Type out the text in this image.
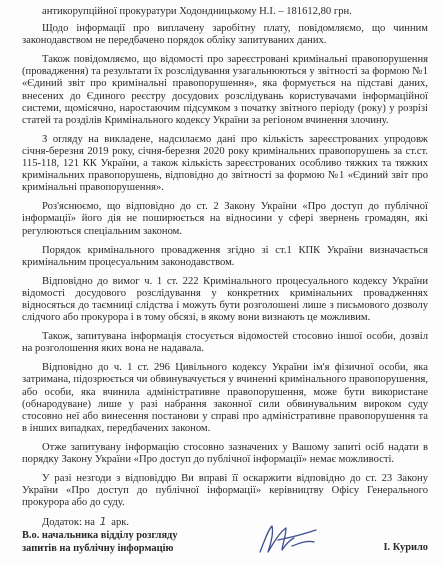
антикорупційної прокуратури Ходондницькому Н.І. – 181612,80 грн.

Щодо інформації про виплачену заробітну плату, повідомляємо, що чинним законодавством не передбачено порядок обліку запитуваних даних.

Також повідомляємо, що відомості про зареєстровані кримінальні правопорушення (провадження) та результати їх розслідування узагальнюються у звітності за формою №1 «Єдиний звіт про кримінальні правопорушення», яка формується на підставі даних, внесених до Єдиного реєстру досудових розслідувань користувачами інформаційної системи, щомісячно, наростаючим підсумком з початку звітного періоду (року) у розрізі статей та розділів Кримінального кодексу України за регіоном вчинення злочину.

З огляду на викладене, надсилаємо дані про кількість зареєстрованих упродовж січня-березня 2019 року, січня-березня 2020 року кримінальних правопорушень за ст.ст. 115-118, 121 КК України, а також кількість зареєстрованих особливо тяжких та тяжких кримінальних правопорушень, відповідно до звітності за формою №1 «Єдиний звіт про кримінальні правопорушення».

Роз'яснюємо, що відповідно до ст. 2 Закону України «Про доступ до публічної інформації» його дія не поширюється на відносини у сфері звернень громадян, які регулюються спеціальним законом.

Порядок кримінального провадження згідно зі ст.1 КПК України визначається кримінальним процесуальним законодавством.

Відповідно до вимог ч. 1 ст. 222 Кримінального процесуального кодексу України відомості досудового розслідування у конкретних кримінальних провадженнях відносяться до таємниці слідства і можуть бути розголошені лише з письмового дозволу слідчого або прокурора і в тому обсязі, в якому вони визнають це можливим.

Також, запитувана інформація стосується відомостей стосовно іншої особи, дозвіл на розголошення яких вона не надавала.

Відповідно до ч. 1 ст. 296 Цивільного кодексу України ім'я фізичної особи, яка затримана, підозрюється чи обвинувачується у вчиненні кримінального правопорушення, або особи, яка вчинила адміністративне правопорушення, може бути використане (обнародуване) лише у разі набрання законної сили обвинувальним вироком суду стосовно неї або винесення постанови у справі про адміністративне правопорушення та в інших випадках, передбачених законом.

Отже запитувану інформацію стосовно зазначених у Вашому запиті осіб надати в порядку Закону України «Про доступ до публічної інформації» немає можливості.

У разі незгоди з відповіддю Ви вправі її оскаржити відповідно до ст. 23 Закону України «Про доступ до публічної інформації» керівництву Офісу Генерального прокурора або до суду.

Додаток: на 1 арк.

В.о. начальника відділу розгляду
запитів на публічну інформацію	І. Курило
